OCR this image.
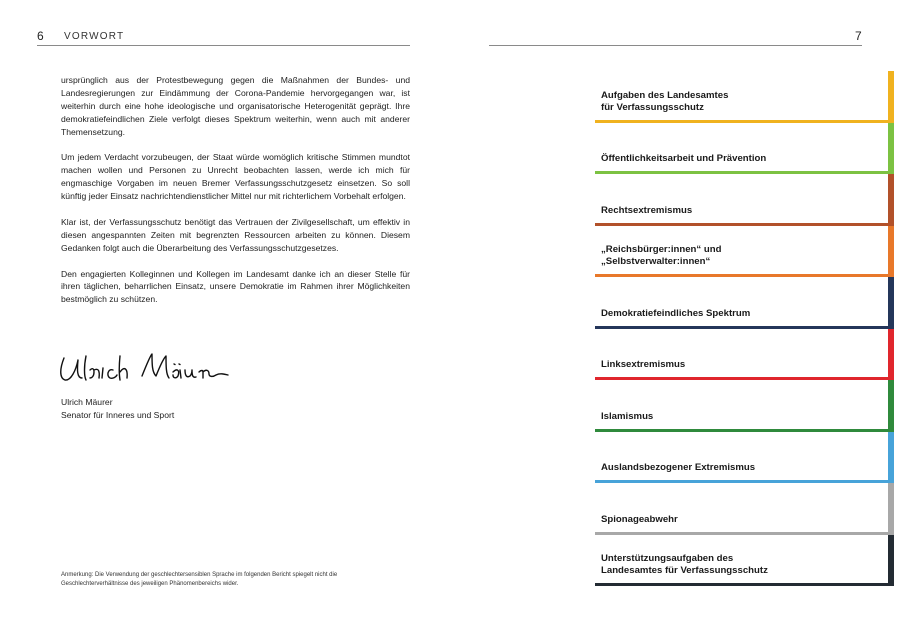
6 VORWORT	7

ursprünglich aus der Protestbewegung gegen die Maßnahmen der Bundes- und Landesregierungen zur Eindämmung der Corona-Pandemie hervorgegangen war, ist weiterhin durch eine hohe ideologische und organisatorische Heterogenität geprägt. Ihre demokratiefeindlichen Ziele verfolgt dieses Spektrum weiterhin, wenn auch mit anderer Themensetzung.

Um jedem Verdacht vorzubeugen, der Staat würde womöglich kritische Stimmen mundtot machen wollen und Personen zu Unrecht beobachten lassen, werde ich mich für engmaschige Vorgaben im neuen Bremer Verfassungsschutzgesetz einsetzen. So soll künftig jeder Einsatz nachrichtendienstlicher Mittel nur mit richterlichem Vorbehalt erfolgen.

Klar ist, der Verfassungsschutz benötigt das Vertrauen der Zivilgesellschaft, um effektiv in diesen angespannten Zeiten mit begrenzten Ressourcen arbeiten zu können. Diesem Gedanken folgt auch die Überarbeitung des Verfassungsschutzgesetzes.

Den engagierten Kolleginnen und Kollegen im Landesamt danke ich an dieser Stelle für ihren täglichen, beharrlichen Einsatz, unsere Demokratie im Rahmen ihrer Möglichkeiten bestmöglich zu schützen.

Ulrich Mäurer
Senator für Inneres und Sport
Anmerkung: Die Verwendung der geschlechtersensiblen Sprache im folgenden Bericht spiegelt nicht die
Geschlechterverhältnisse des jeweiligen Phänomenbereichs wider.
Aufgaben des Landesamtes
für Verfassungsschutz
Öffentlichkeitsarbeit und Prävention
Rechtsextremismus
„Reichsbürger:innen“ und
„Selbstverwalter:innen“
Demokratiefeindliches Spektrum
Linksextremismus
Islamismus
Auslandsbezogener Extremismus
Spionageabwehr
Unterstützungsaufgaben des
Landesamtes für Verfassungsschutz
